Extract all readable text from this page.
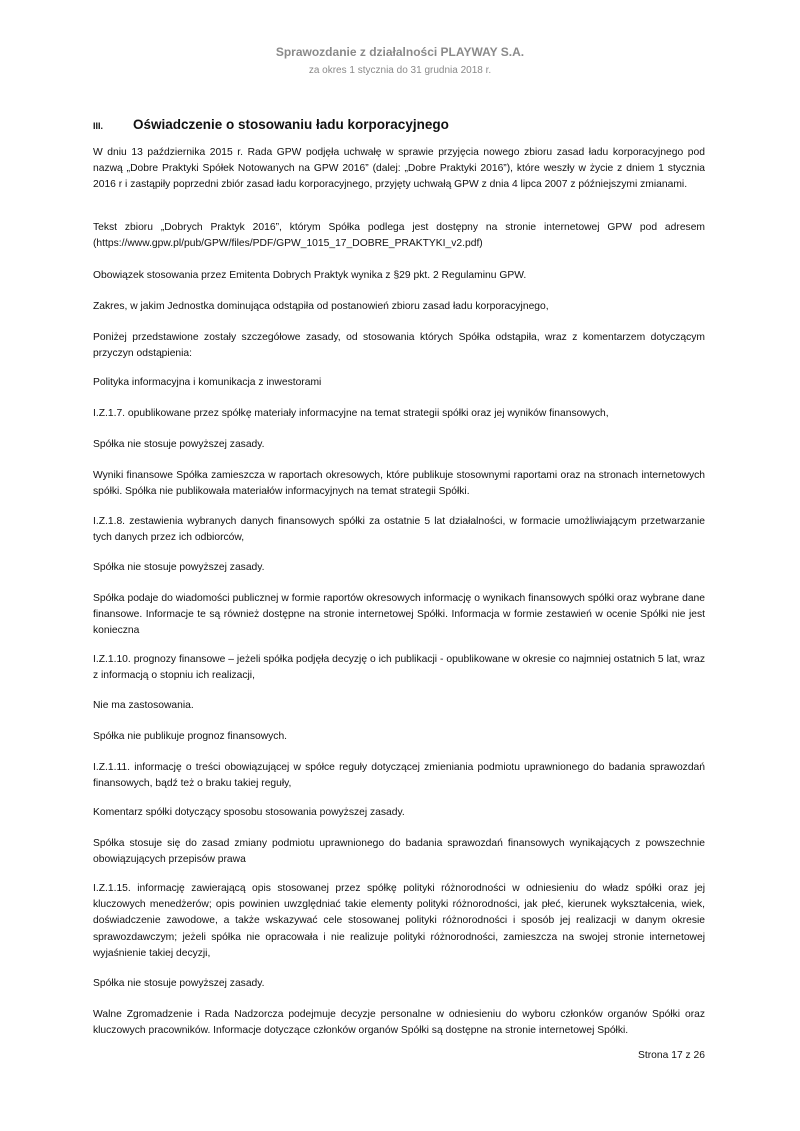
Sprawozdanie z działalności PLAYWAY S.A.
za okres 1 stycznia do 31 grudnia 2018 r.
III. Oświadczenie o stosowaniu ładu korporacyjnego

W dniu 13 października 2015 r. Rada GPW podjęła uchwałę w sprawie przyjęcia nowego zbioru zasad ładu korporacyjnego pod nazwą „Dobre Praktyki Spółek Notowanych na GPW 2016” (dalej: „Dobre Praktyki 2016”), które weszły w życie z dniem 1 stycznia 2016 r i zastąpiły poprzedni zbiór zasad ładu korporacyjnego, przyjęty uchwałą GPW z dnia 4 lipca 2007 z późniejszymi zmianami.

Tekst zbioru „Dobrych Praktyk 2016”, którym Spółka podlega jest dostępny na stronie internetowej GPW pod adresem (https://www.gpw.pl/pub/GPW/files/PDF/GPW_1015_17_DOBRE_PRAKTYKI_v2.pdf)

Obowiązek stosowania przez Emitenta Dobrych Praktyk wynika z §29 pkt. 2 Regulaminu GPW.

Zakres, w jakim Jednostka dominująca odstąpiła od postanowień zbioru zasad ładu korporacyjnego,

Poniżej przedstawione zostały szczegółowe zasady, od stosowania których Spółka odstąpiła, wraz z komentarzem dotyczącym przyczyn odstąpienia:

Polityka informacyjna i komunikacja z inwestorami

I.Z.1.7. opublikowane przez spółkę materiały informacyjne na temat strategii spółki oraz jej wyników finansowych,

Spółka nie stosuje powyższej zasady.

Wyniki finansowe Spółka zamieszcza w raportach okresowych, które publikuje stosownymi raportami oraz na stronach internetowych spółki. Spółka nie publikowała materiałów informacyjnych na temat strategii Spółki.

I.Z.1.8. zestawienia wybranych danych finansowych spółki za ostatnie 5 lat działalności, w formacie umożliwiającym przetwarzanie tych danych przez ich odbiorców,

Spółka nie stosuje powyższej zasady.

Spółka podaje do wiadomości publicznej w formie raportów okresowych informację o wynikach finansowych spółki oraz wybrane dane finansowe. Informacje te są również dostępne na stronie internetowej Spółki. Informacja w formie zestawień w ocenie Spółki nie jest konieczna

I.Z.1.10. prognozy finansowe – jeżeli spółka podjęła decyzję o ich publikacji - opublikowane w okresie co najmniej ostatnich 5 lat, wraz z informacją o stopniu ich realizacji,

Nie ma zastosowania.

Spółka nie publikuje prognoz finansowych.

I.Z.1.11. informację o treści obowiązującej w spółce reguły dotyczącej zmieniania podmiotu uprawnionego do badania sprawozdań finansowych, bądź też o braku takiej reguły,

Komentarz spółki dotyczący sposobu stosowania powyższej zasady.

Spółka stosuje się do zasad zmiany podmiotu uprawnionego do badania sprawozdań finansowych wynikających z powszechnie obowiązujących przepisów prawa

I.Z.1.15. informację zawierającą opis stosowanej przez spółkę polityki różnorodności w odniesieniu do władz spółki oraz jej kluczowych menedżerów; opis powinien uwzględniać takie elementy polityki różnorodności, jak płeć, kierunek wykształcenia, wiek, doświadczenie zawodowe, a także wskazywać cele stosowanej polityki różnorodności i sposób jej realizacji w danym okresie sprawozdawczym; jeżeli spółka nie opracowała i nie realizuje polityki różnorodności, zamieszcza na swojej stronie internetowej wyjaśnienie takiej decyzji,

Spółka nie stosuje powyższej zasady.

Walne Zgromadzenie i Rada Nadzorcza podejmuje decyzje personalne w odniesieniu do wyboru członków organów Spółki oraz kluczowych pracowników. Informacje dotyczące członków organów Spółki są dostępne na stronie internetowej Spółki.

Strona 17 z 26
